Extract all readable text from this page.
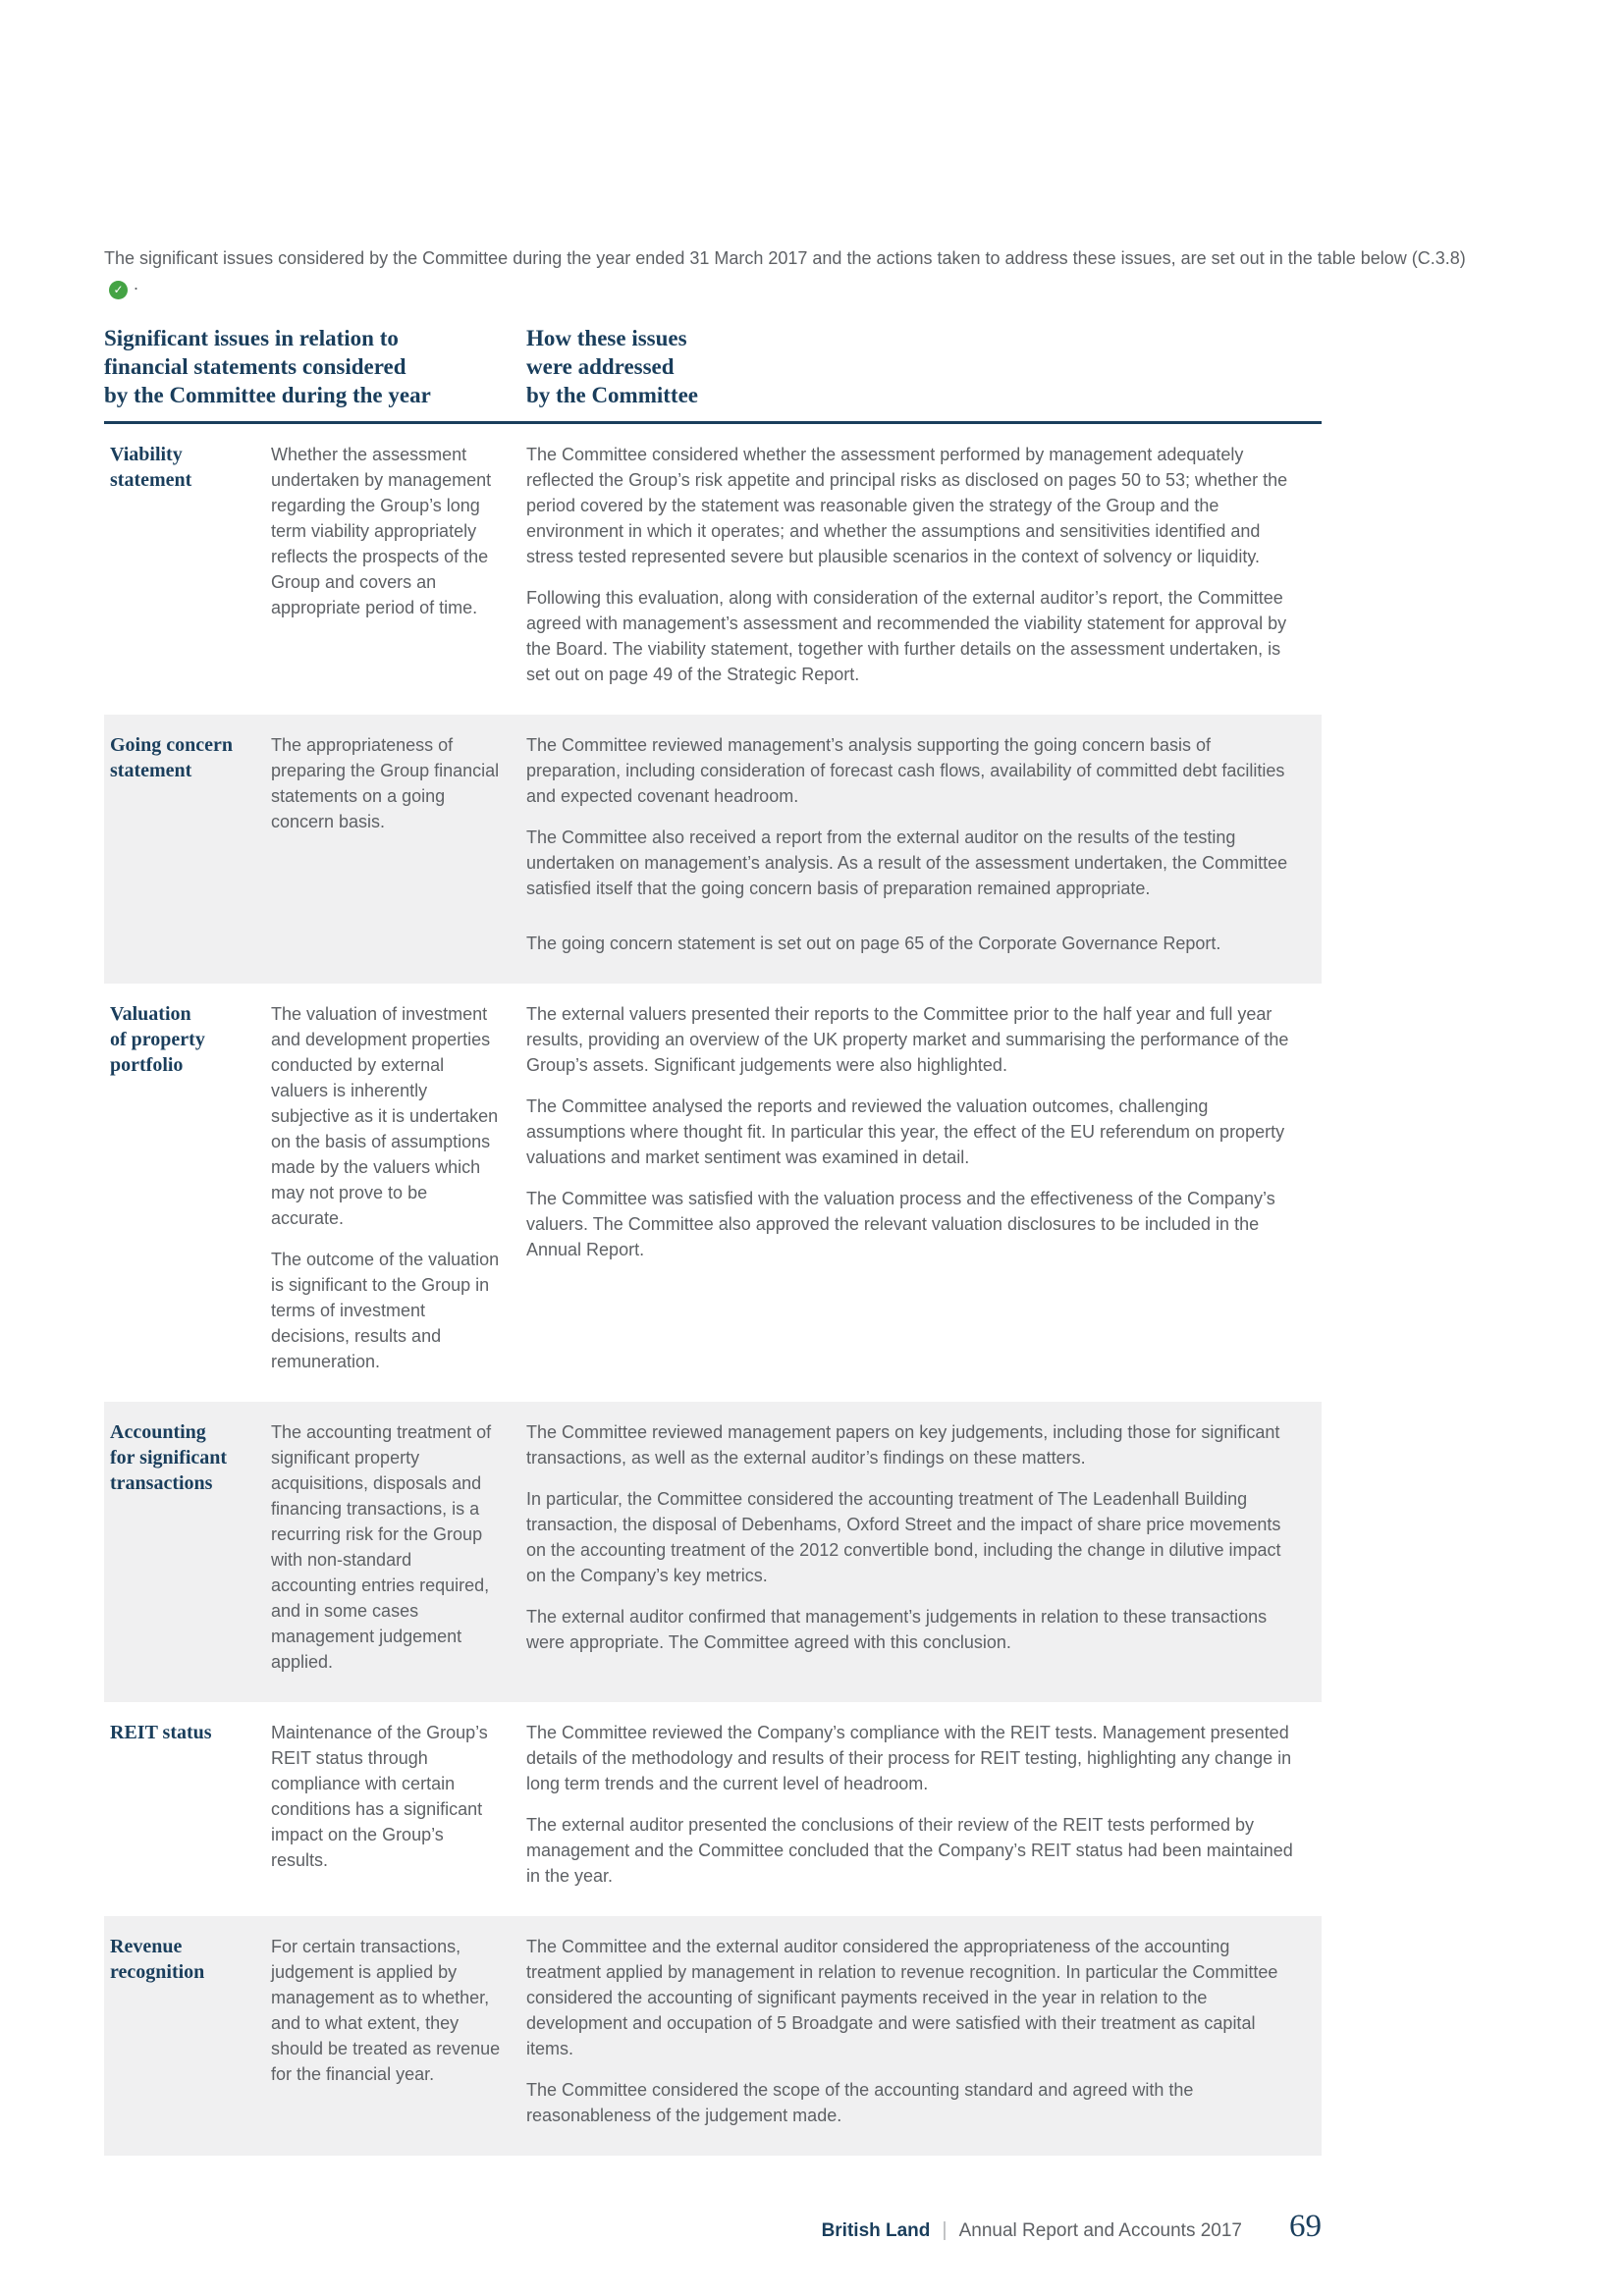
The significant issues considered by the Committee during the year ended 31 March 2017 and the actions taken to address these issues, are set out in the table below (C.3.8) ✓ .

Significant issues in relation to
financial statements considered
by the Committee during the year
How these issues
were addressed
by the Committee
Viability
statement

Whether the assessment undertaken by management regarding the Group’s long term viability appropriately reflects the prospects of the Group and covers an appropriate period of time.

The Committee considered whether the assessment performed by management adequately reflected the Group’s risk appetite and principal risks as disclosed on pages 50 to 53; whether the period covered by the statement was reasonable given the strategy of the Group and the environment in which it operates; and whether the assumptions and sensitivities identified and stress tested represented severe but plausible scenarios in the context of solvency or liquidity.

Following this evaluation, along with consideration of the external auditor’s report, the Committee agreed with management’s assessment and recommended the viability statement for approval by the Board. The viability statement, together with further details on the assessment undertaken, is set out on page 49 of the Strategic Report.

Going concern
statement

The appropriateness of preparing the Group financial statements on a going concern basis.

The Committee reviewed management’s analysis supporting the going concern basis of preparation, including consideration of forecast cash flows, availability of committed debt facilities and expected covenant headroom.

The Committee also received a report from the external auditor on the results of the testing undertaken on management’s analysis. As a result of the assessment undertaken, the Committee satisfied itself that the going concern basis of preparation remained appropriate.

The going concern statement is set out on page 65 of the Corporate Governance Report.

Valuation
of property
portfolio

The valuation of investment and development properties conducted by external valuers is inherently subjective as it is undertaken on the basis of assumptions made by the valuers which may not prove to be accurate.

The outcome of the valuation is significant to the Group in terms of investment decisions, results and remuneration.

The external valuers presented their reports to the Committee prior to the half year and full year results, providing an overview of the UK property market and summarising the performance of the Group’s assets. Significant judgements were also highlighted.

The Committee analysed the reports and reviewed the valuation outcomes, challenging assumptions where thought fit. In particular this year, the effect of the EU referendum on property valuations and market sentiment was examined in detail.

The Committee was satisfied with the valuation process and the effectiveness of the Company’s valuers. The Committee also approved the relevant valuation disclosures to be included in the Annual Report.

Accounting
for significant
transactions

The accounting treatment of significant property acquisitions, disposals and financing transactions, is a recurring risk for the Group with non-standard accounting entries required, and in some cases management judgement applied.

The Committee reviewed management papers on key judgements, including those for significant transactions, as well as the external auditor’s findings on these matters.

In particular, the Committee considered the accounting treatment of The Leadenhall Building transaction, the disposal of Debenhams, Oxford Street and the impact of share price movements on the accounting treatment of the 2012 convertible bond, including the change in dilutive impact on the Company’s key metrics.

The external auditor confirmed that management’s judgements in relation to these transactions were appropriate. The Committee agreed with this conclusion.

REIT status	Maintenance of the Group’s REIT status through compliance with certain conditions has a significant impact on the Group’s results.

The Committee reviewed the Company’s compliance with the REIT tests. Management presented details of the methodology and results of their process for REIT testing, highlighting any change in long term trends and the current level of headroom.

The external auditor presented the conclusions of their review of the REIT tests performed by management and the Committee concluded that the Company’s REIT status had been maintained in the year.

Revenue
recognition

For certain transactions, judgement is applied by management as to whether, and to what extent, they should be treated as revenue for the financial year.

The Committee and the external auditor considered the appropriateness of the accounting treatment applied by management in relation to revenue recognition. In particular the Committee considered the accounting of significant payments received in the year in relation to the development and occupation of 5 Broadgate and were satisfied with their treatment as capital items.

The Committee considered the scope of the accounting standard and agreed with the reasonableness of the judgement made.

British Land | Annual Report and Accounts 2017 69
